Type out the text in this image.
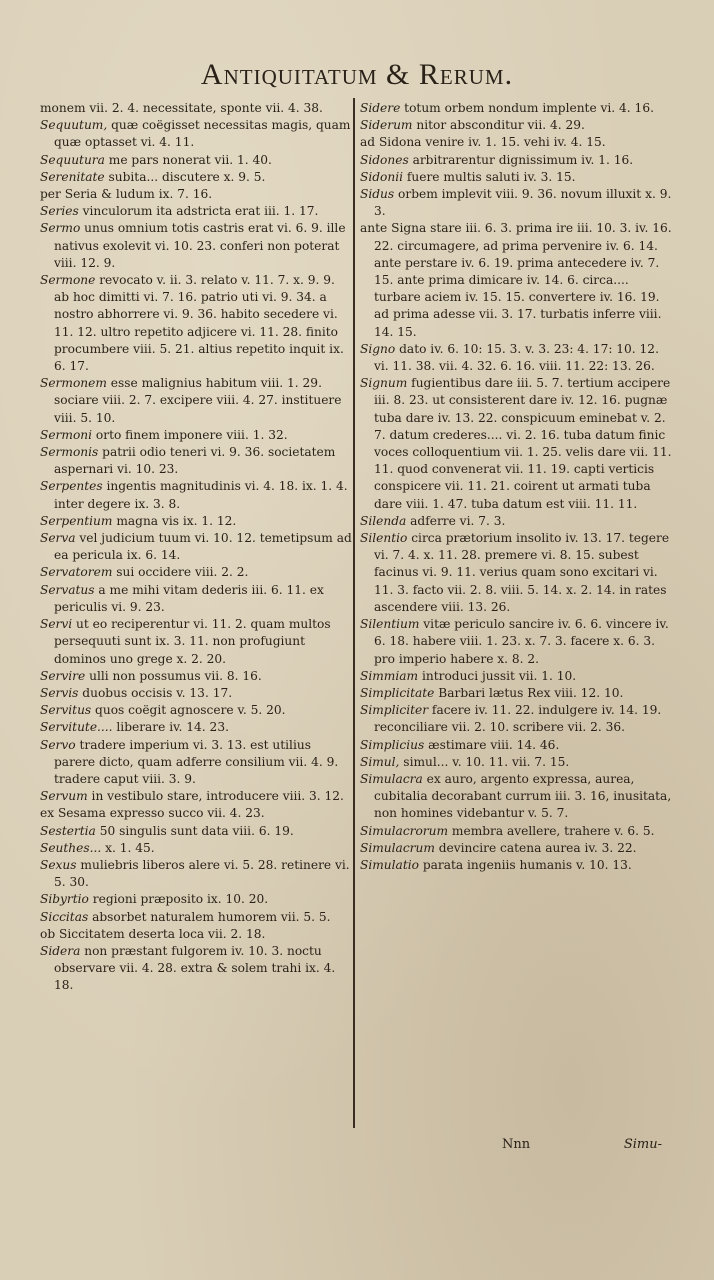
Antiquitatum & Rerum.

monem vii. 2. 4. necessitate, sponte vii. 4. 38.

Sequutum, quæ coëgisset necessitas magis, quam quæ optasset vi. 4. 11.

Sequutura me pars nonerat vii. 1. 40.

Serenitate subita... discutere x. 9. 5.

per Seria & ludum ix. 7. 16.

Series vinculorum ita adstricta erat iii. 1. 17.

Sermo unus omnium totis castris erat vi. 6. 9. ille nativus exolevit vi. 10. 23. conferi non poterat viii. 12. 9.

Sermone revocato v. ii. 3. relato v. 11. 7. x. 9. 9. ab hoc dimitti vi. 7. 16. patrio uti vi. 9. 34. a nostro abhorrere vi. 9. 36. habito secedere vi. 11. 12. ultro repetito adjicere vi. 11. 28. finito procumbere viii. 5. 21. altius repetito inquit ix. 6. 17.

Sermonem esse malignius habitum viii. 1. 29. sociare viii. 2. 7. excipere viii. 4. 27. instituere viii. 5. 10.

Sermoni orto finem imponere viii. 1. 32.

Sermonis patrii odio teneri vi. 9. 36. societatem aspernari vi. 10. 23.

Serpentes ingentis magnitudinis vi. 4. 18. ix. 1. 4. inter degere ix. 3. 8.

Serpentium magna vis ix. 1. 12.

Serva vel judicium tuum vi. 10. 12. temetipsum ad ea pericula ix. 6. 14.

Servatorem sui occidere viii. 2. 2.

Servatus a me mihi vitam dederis iii. 6. 11. ex periculis vi. 9. 23.

Servi ut eo reciperentur vi. 11. 2. quam multos persequuti sunt ix. 3. 11. non profugiunt dominos uno grege x. 2. 20.

Servire ulli non possumus vii. 8. 16.

Servis duobus occisis v. 13. 17.

Servitus quos coëgit agnoscere v. 5. 20.

Servitute.... liberare iv. 14. 23.

Servo tradere imperium vi. 3. 13. est utilius parere dicto, quam adferre consilium vii. 4. 9. tradere caput viii. 3. 9.

Servum in vestibulo stare, introducere viii. 3. 12.

ex Sesama expresso succo vii. 4. 23.

Sestertia 50 singulis sunt data viii. 6. 19.

Seuthes... x. 1. 45.

Sexus muliebris liberos alere vi. 5. 28. retinere vi. 5. 30.

Sibyrtio regioni præposito ix. 10. 20.

Siccitas absorbet naturalem humorem vii. 5. 5.

ob Siccitatem deserta loca vii. 2. 18.

Sidera non præstant fulgorem iv. 10. 3. noctu observare vii. 4. 28. extra & solem trahi ix. 4. 18.

Sidere totum orbem nondum implente vi. 4. 16.

Siderum nitor absconditur vii. 4. 29.

ad Sidona venire iv. 1. 15. vehi iv. 4. 15.

Sidones arbitrarentur dignissimum iv. 1. 16.

Sidonii fuere multis saluti iv. 3. 15.

Sidus orbem implevit viii. 9. 36. novum illuxit x. 9. 3.

ante Signa stare iii. 6. 3. prima ire iii. 10. 3. iv. 16. 22. circumagere, ad prima pervenire iv. 6. 14. ante perstare iv. 6. 19. prima antecedere iv. 7. 15. ante prima dimicare iv. 14. 6. circa.... turbare aciem iv. 15. 15. convertere iv. 16. 19. ad prima adesse vii. 3. 17. turbatis inferre viii. 14. 15.

Signo dato iv. 6. 10: 15. 3. v. 3. 23: 4. 17: 10. 12. vi. 11. 38. vii. 4. 32. 6. 16. viii. 11. 22: 13. 26.

Signum fugientibus dare iii. 5. 7. tertium accipere iii. 8. 23. ut consisterent dare iv. 12. 16. pugnæ tuba dare iv. 13. 22. conspicuum eminebat v. 2. 7. datum crederes.... vi. 2. 16. tuba datum finic voces colloquentium vii. 1. 25. velis dare vii. 11. 11. quod convenerat vii. 11. 19. capti verticis conspicere vii. 11. 21. coirent ut armati tuba dare viii. 1. 47. tuba datum est viii. 11. 11.

Silenda adferre vi. 7. 3.

Silentio circa prætorium insolito iv. 13. 17. tegere vi. 7. 4. x. 11. 28. premere vi. 8. 15. subest facinus vi. 9. 11. verius quam sono excitari vi. 11. 3. facto vii. 2. 8. viii. 5. 14. x. 2. 14. in rates ascendere viii. 13. 26.

Silentium vitæ periculo sancire iv. 6. 6. vincere iv. 6. 18. habere viii. 1. 23. x. 7. 3. facere x. 6. 3. pro imperio habere x. 8. 2.

Simmiam introduci jussit vii. 1. 10.

Simplicitate Barbari lætus Rex viii. 12. 10.

Simpliciter facere iv. 11. 22. indulgere iv. 14. 19. reconciliare vii. 2. 10. scribere vii. 2. 36.

Simplicius æstimare viii. 14. 46.

Simul, simul... v. 10. 11. vii. 7. 15.

Simulacra ex auro, argento expressa, aurea, cubitalia decorabant currum iii. 3. 16, inusitata, non homines videbantur v. 5. 7.

Simulacrorum membra avellere, trahere v. 6. 5.

Simulacrum devincire catena aurea iv. 3. 22.

Simulatio parata ingeniis humanis v. 10. 13.

Nnn	Simu-
